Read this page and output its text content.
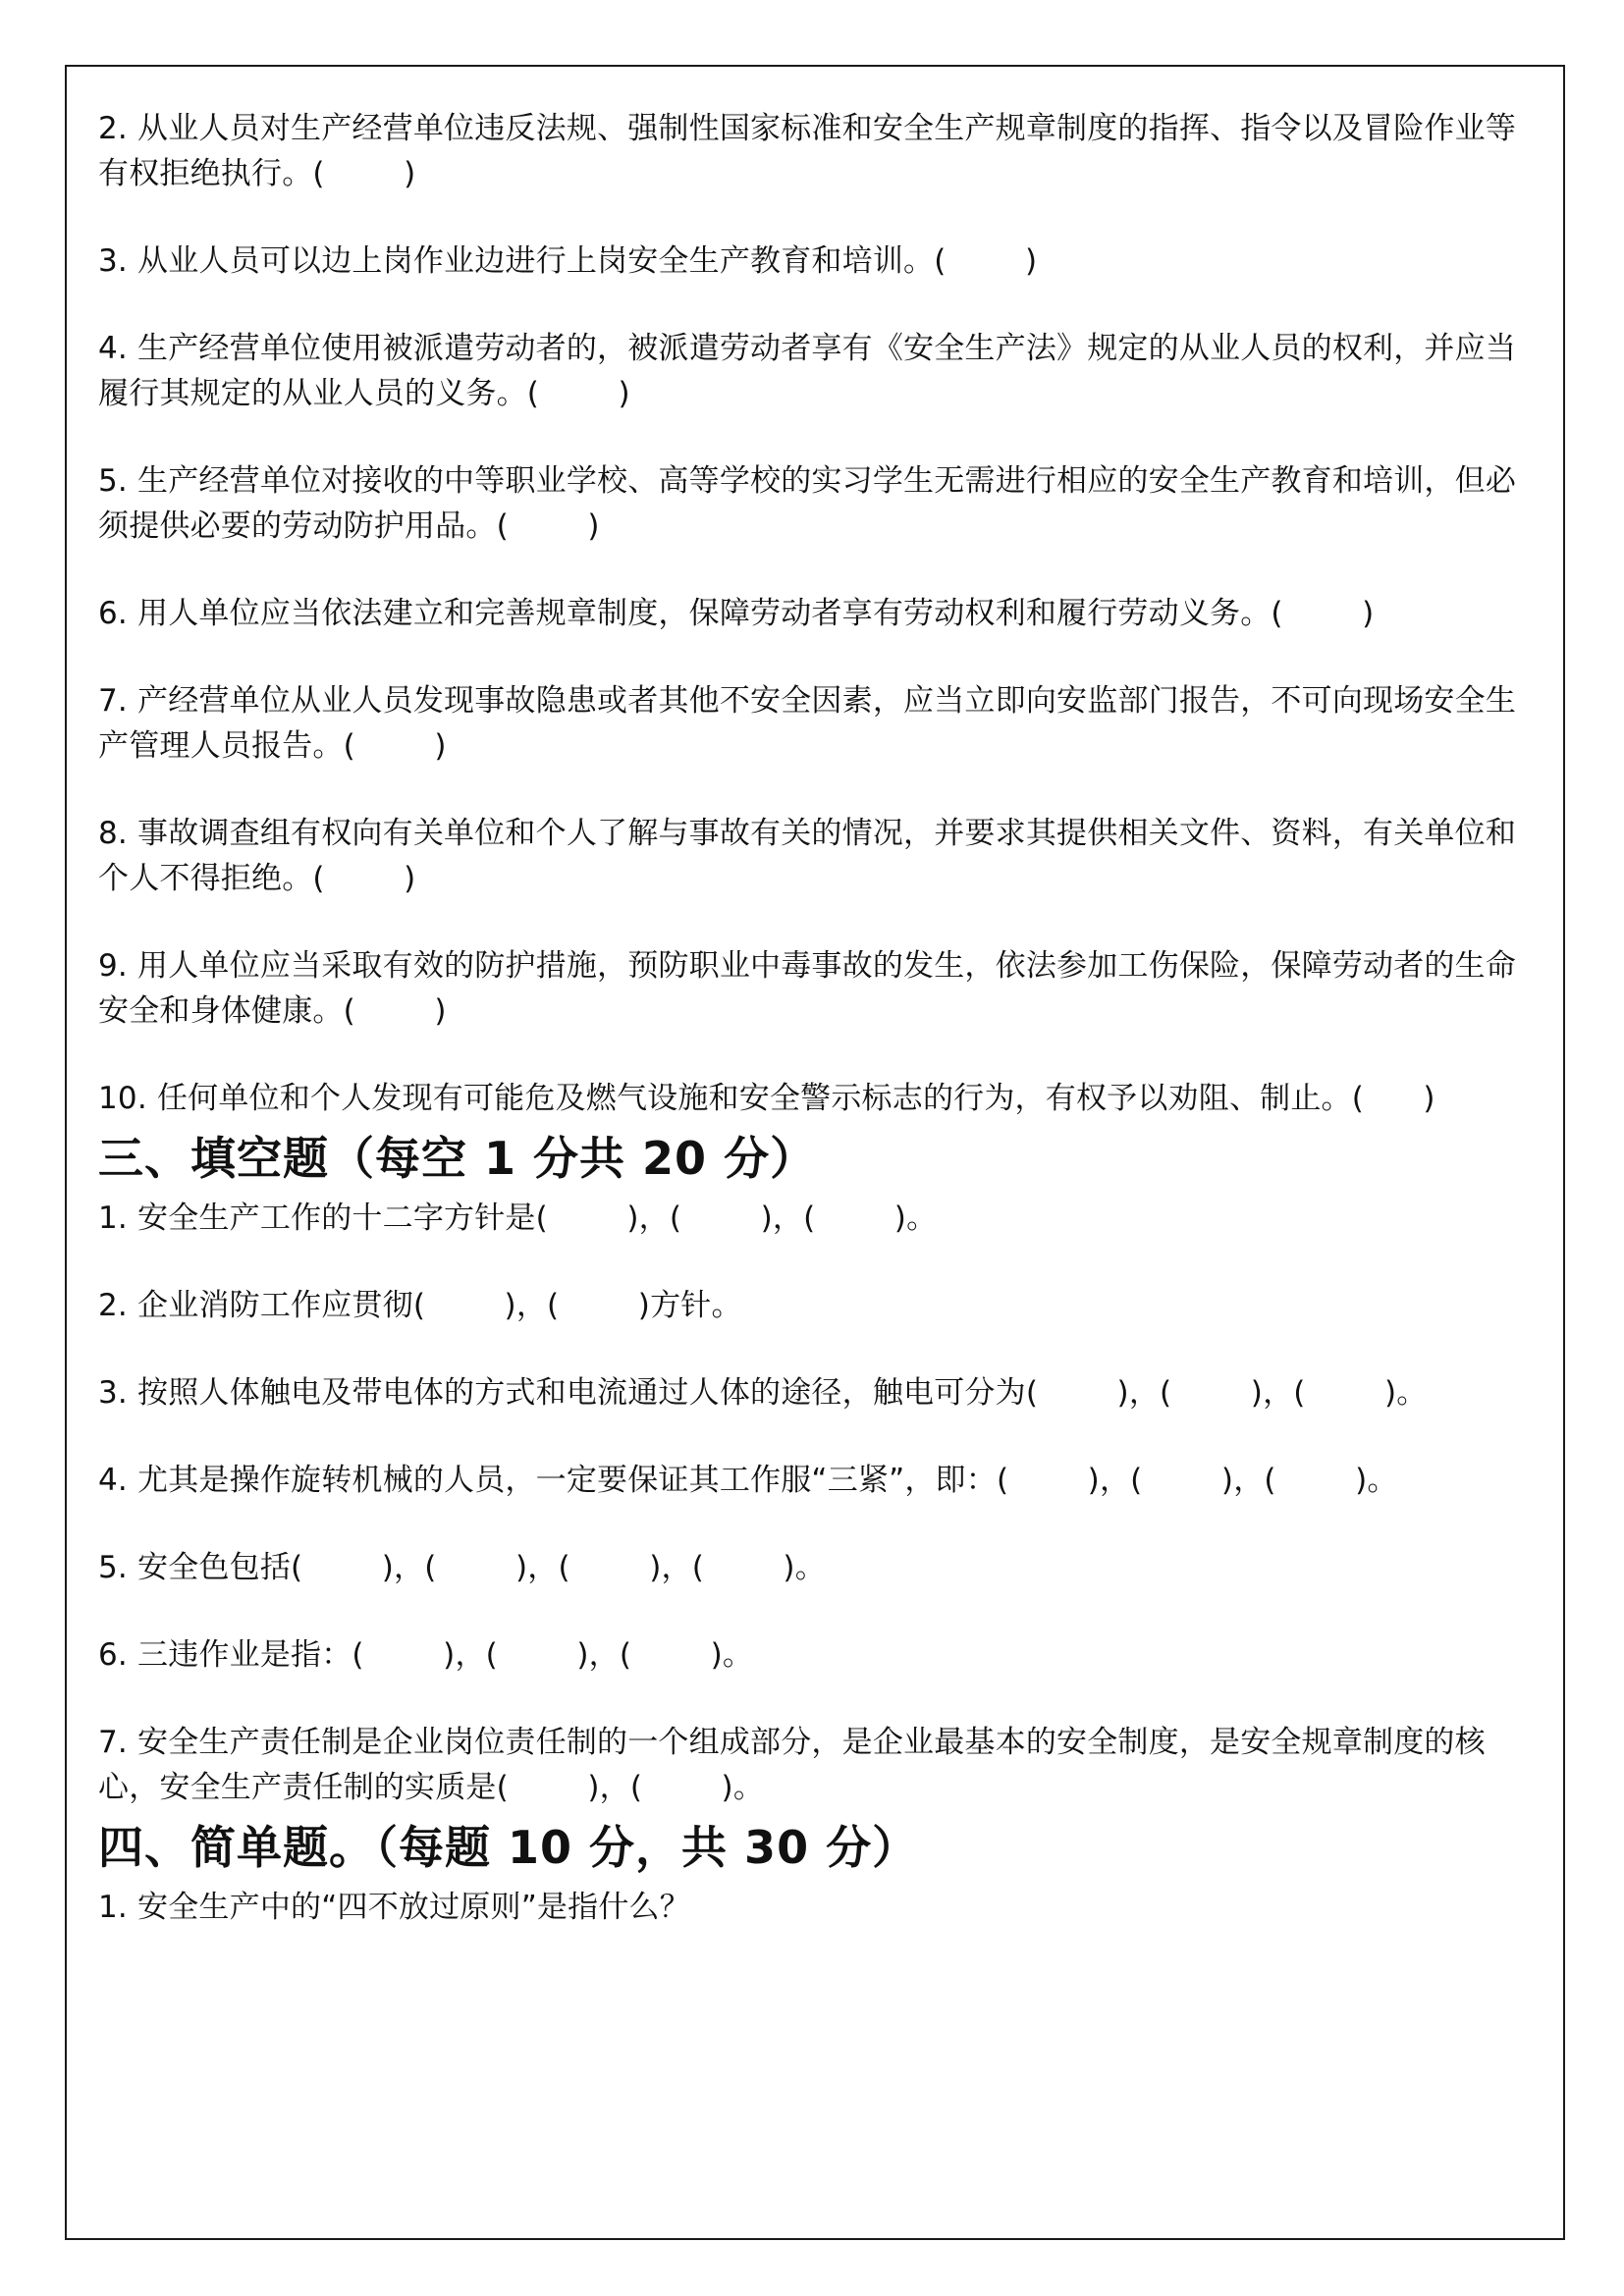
2. 从业人员对生产经营单位违反法规、强制性国家标准和安全生产规章制度的指挥、指令以及冒险作业等有权拒绝执行。(        )

3. 从业人员可以边上岗作业边进行上岗安全生产教育和培训。(        )

4. 生产经营单位使用被派遣劳动者的，被派遣劳动者享有《安全生产法》规定的从业人员的权利，并应当履行其规定的从业人员的义务。(        )

5. 生产经营单位对接收的中等职业学校、高等学校的实习学生无需进行相应的安全生产教育和培训，但必须提供必要的劳动防护用品。(        )

6. 用人单位应当依法建立和完善规章制度，保障劳动者享有劳动权利和履行劳动义务。(        )

7. 产经营单位从业人员发现事故隐患或者其他不安全因素，应当立即向安监部门报告，不可向现场安全生产管理人员报告。(        )

8. 事故调查组有权向有关单位和个人了解与事故有关的情况，并要求其提供相关文件、资料，有关单位和个人不得拒绝。(        )

9. 用人单位应当采取有效的防护措施，预防职业中毒事故的发生，依法参加工伤保险，保障劳动者的生命安全和身体健康。(        )

10. 任何单位和个人发现有可能危及燃气设施和安全警示标志的行为，有权予以劝阻、制止。(      )

三、填空题（每空 1 分共 20 分）

1. 安全生产工作的十二字方针是(        )，(        )，(        )。

2. 企业消防工作应贯彻(        )，(        )方针。

3. 按照人体触电及带电体的方式和电流通过人体的途径，触电可分为(        )，(        )，(        )。

4. 尤其是操作旋转机械的人员，一定要保证其工作服“三紧”，即：(        )，(        )，(        )。

5. 安全色包括(        )，(        )，(        )，(        )。

6. 三违作业是指：(        )，(        )，(        )。

7. 安全生产责任制是企业岗位责任制的一个组成部分，是企业最基本的安全制度，是安全规章制度的核心，安全生产责任制的实质是(        )，(        )。

四、简单题。（每题 10 分，共 30 分）

1. 安全生产中的“四不放过原则”是指什么？
